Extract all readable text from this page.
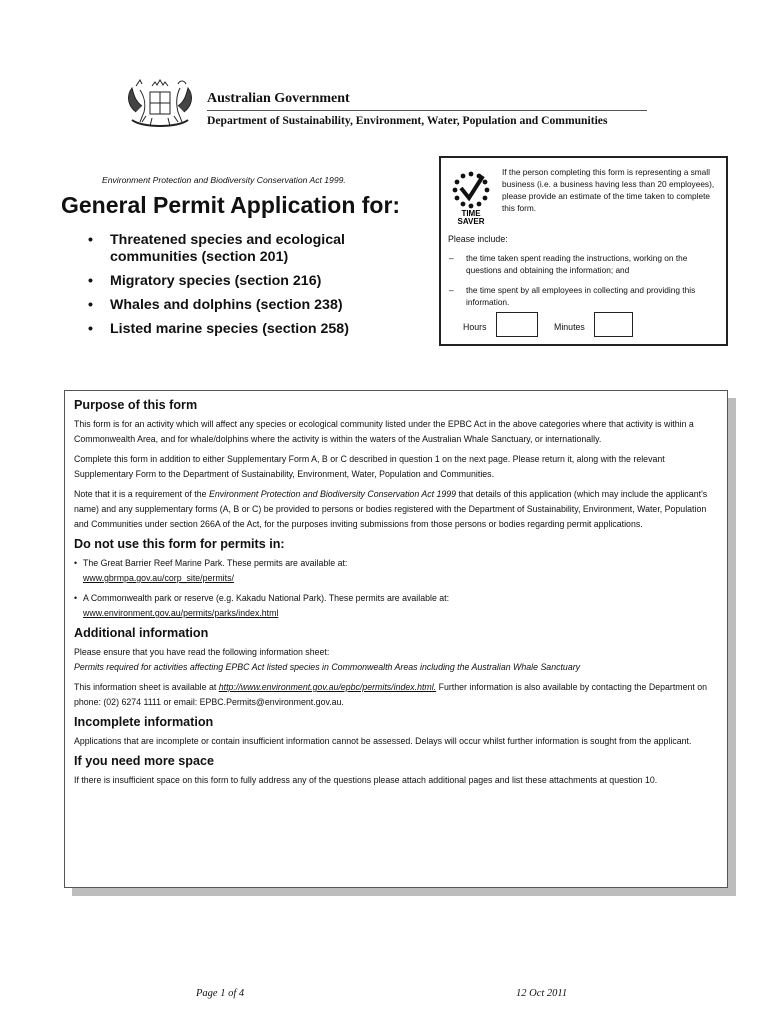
Australian Government
Department of Sustainability, Environment, Water, Population and Communities
Environment Protection and Biodiversity Conservation Act 1999.
General Permit Application for:
• Threatened species and ecological communities (section 201)
• Migratory species (section 216)
• Whales and dolphins (section 238)
• Listed marine species (section 258)
TIME
SAVER
If the person completing this form is representing a small business (i.e. a business having less than 20 employees), please provide an estimate of the time taken to complete this form.
Please include:
–	the time taken spent reading the instructions, working on the questions and obtaining the information; and
–	the time spent by all employees in collecting and providing this information.
Hours	Minutes
Purpose of this form

This form is for an activity which will affect any species or ecological community listed under the EPBC Act in the above categories where that activity is within a Commonwealth Area, and for whale/dolphins where the activity is within the waters of the Australian Whale Sanctuary, or internationally.

Complete this form in addition to either Supplementary Form A, B or C described in question 1 on the next page. Please return it, along with the relevant Supplementary Form to the Department of Sustainability, Environment, Water, Population and Communities.

Note that it is a requirement of the Environment Protection and Biodiversity Conservation Act 1999 that details of this application (which may include the applicant's name) and any supplementary forms (A, B or C) be provided to persons or bodies registered with the Department of Sustainability, Environment, Water, Population and Communities under section 266A of the Act, for the purposes inviting submissions from those persons or bodies regarding permit applications.

Do not use this form for permits in:
• The Great Barrier Reef Marine Park. These permits are available at:
www.gbrmpa.gov.au/corp_site/permits/
• A Commonwealth park or reserve (e.g. Kakadu National Park). These permits are available at:
www.environment.gov.au/permits/parks/index.html
Additional information

Please ensure that you have read the following information sheet:
Permits required for activities affecting EPBC Act listed species in Commonwealth Areas including the Australian Whale Sanctuary

This information sheet is available at http://www.environment.gov.au/epbc/permits/index.html. Further information is also available by contacting the Department on phone: (02) 6274 1111 or email: EPBC.Permits@environment.gov.au.

Incomplete information

Applications that are incomplete or contain insufficient information cannot be assessed. Delays will occur whilst further information is sought from the applicant.

If you need more space

If there is insufficient space on this form to fully address any of the questions please attach additional pages and list these attachments at question 10.

Page 1 of 4	12 Oct 2011
